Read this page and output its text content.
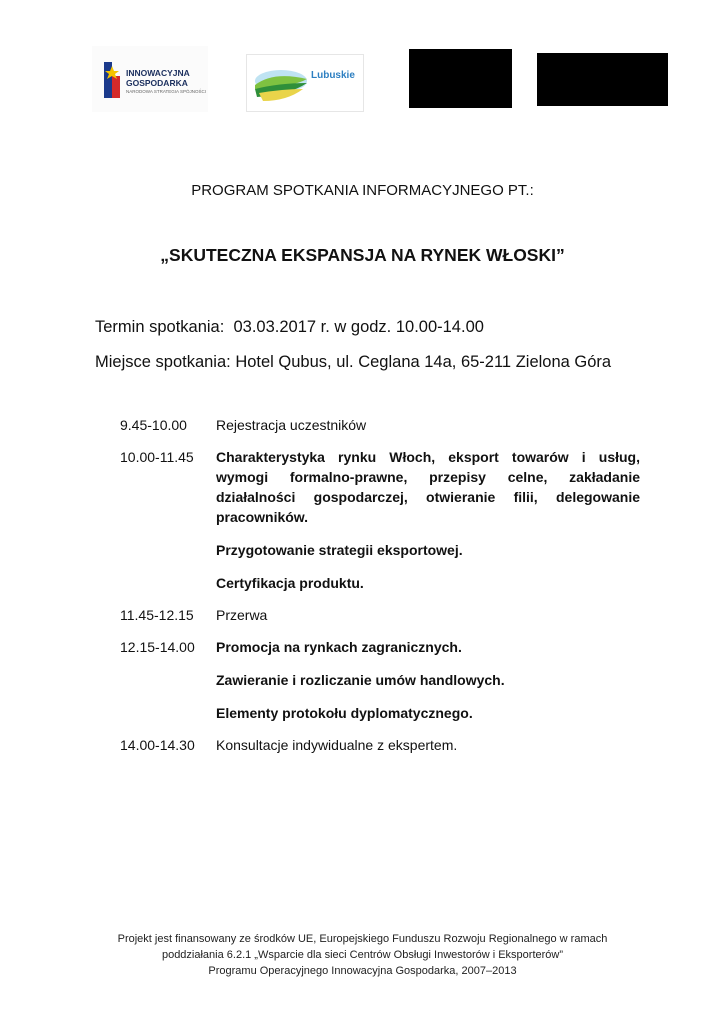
INNOWACYJNA
GOSPODARKA
NARODOWA STRATEGIA SPÓJNOŚCI
Lubuskie
PROGRAM SPOTKANIA INFORMACYJNEGO PT.:
„SKUTECZNA EKSPANSJA NA RYNEK WŁOSKI”
Termin spotkania:  03.03.2017 r. w godz. 10.00-14.00
Miejsce spotkania: Hotel Qubus, ul. Ceglana 14a, 65-211 Zielona Góra
9.45-10.00	Rejestracja uczestników
10.00-11.45	Charakterystyka rynku Włoch, eksport towarów i usług, wymogi formalno-prawne, przepisy celne, zakładanie działalności gospodarczej, otwieranie filii, delegowanie pracowników.
Przygotowanie strategii eksportowej.
Certyfikacja produktu.
11.45-12.15	Przerwa
12.15-14.00	Promocja na rynkach zagranicznych.
Zawieranie i rozliczanie umów handlowych.
Elementy protokołu dyplomatycznego.
14.00-14.30	Konsultacje indywidualne z ekspertem.
Projekt jest finansowany ze środków UE, Europejskiego Funduszu Rozwoju Regionalnego w ramach
poddziałania 6.2.1 „Wsparcie dla sieci Centrów Obsługi Inwestorów i Eksporterów”
Programu Operacyjnego Innowacyjna Gospodarka, 2007–2013
